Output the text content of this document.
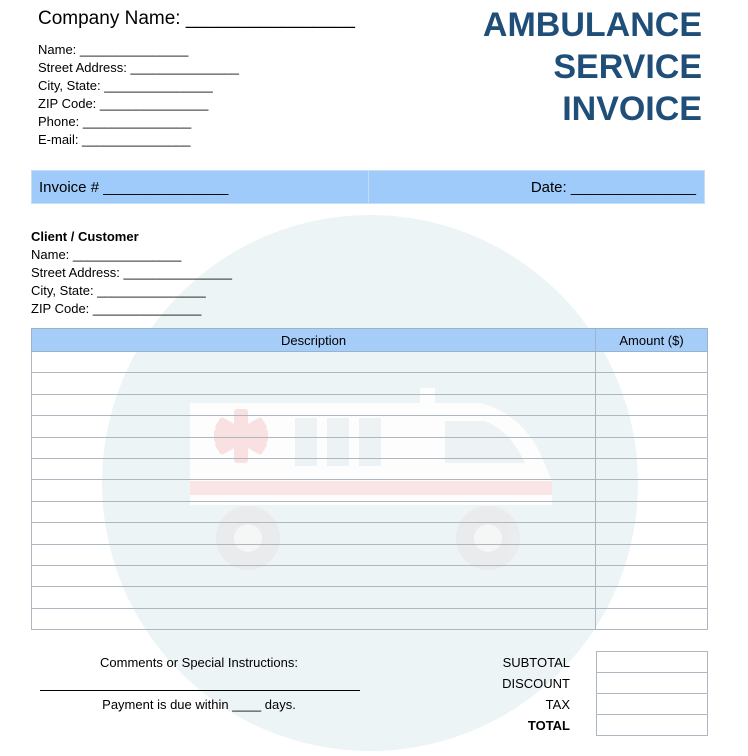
Company Name: ________________
Name: _______________
Street Address: _______________
City, State: _______________
ZIP Code: _______________
Phone: _______________
E-mail: _______________
AMBULANCE
SERVICE
INVOICE
Invoice # _______________	Date: _______________
Client / Customer
Name: _______________
Street Address: _______________
City, State: _______________
ZIP Code: _______________
Description	Amount ($)

Comments or Special Instructions:
Payment is due within ____ days.
SUBTOTAL
DISCOUNT
TAX
TOTAL
